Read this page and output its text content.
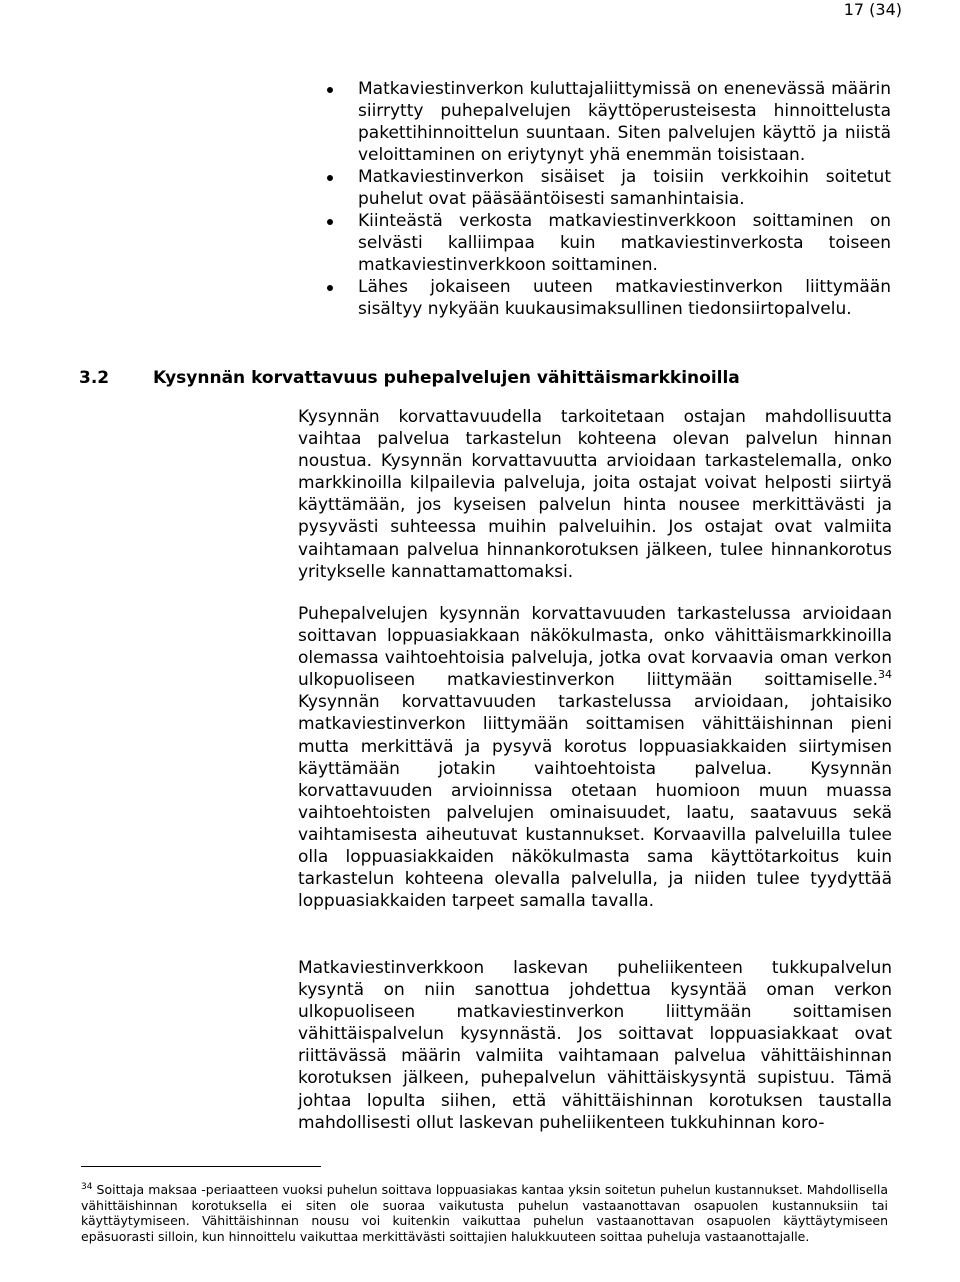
17 (34)
Matkaviestinverkon kuluttajaliittymissä on enenevässä määrin siirrytty puhepalvelujen käyttöperusteisesta hinnoittelusta pakettihinnoittelun suuntaan. Siten palvelujen käyttö ja niistä veloittaminen on eriytynyt yhä enemmän toisistaan.
Matkaviestinverkon sisäiset ja toisiin verkkoihin soitetut puhelut ovat pääsääntöisesti samanhintaisia.
Kiinteästä verkosta matkaviestinverkkoon soittaminen on selvästi kalliimpaa kuin matkaviestinverkosta toiseen matkaviestinverkkoon soittaminen.
Lähes jokaiseen uuteen matkaviestinverkon liittymään sisältyy nykyään kuukausimaksullinen tiedonsiirtopalvelu.
3.2	Kysynnän korvattavuus puhepalvelujen vähittäismarkkinoilla

Kysynnän korvattavuudella tarkoitetaan ostajan mahdollisuutta vaihtaa palvelua tarkastelun kohteena olevan palvelun hinnan noustua. Kysynnän korvattavuutta arvioidaan tarkastelemalla, onko markkinoilla kilpailevia palveluja, joita ostajat voivat helposti siirtyä käyttämään, jos kyseisen palvelun hinta nousee merkittävästi ja pysyvästi suhteessa muihin palveluihin. Jos ostajat ovat valmiita vaihtamaan palvelua hinnankorotuksen jälkeen, tulee hinnankorotus yritykselle kannattamattomaksi.

Puhepalvelujen kysynnän korvattavuuden tarkastelussa arvioidaan soittavan loppuasiakkaan näkökulmasta, onko vähittäismarkkinoilla olemassa vaihtoehtoisia palveluja, jotka ovat korvaavia oman verkon ulkopuoliseen matkaviestinverkon liittymään soittamiselle.$^{34}$ Kysynnän korvattavuuden tarkastelussa arvioidaan, johtaisiko matkaviestinverkon liittymään soittamisen vähittäishinnan pieni mutta merkittävä ja pysyvä korotus loppuasiakkaiden siirtymisen käyttämään jotakin vaihtoehtoista palvelua. Kysynnän korvattavuuden arvioinnissa otetaan huomioon muun muassa vaihtoehtoisten palvelujen ominaisuudet, laatu, saatavuus sekä vaihtamisesta aiheutuvat kustannukset. Korvaavilla palveluilla tulee olla loppuasiakkaiden näkökulmasta sama käyttötarkoitus kuin tarkastelun kohteena olevalla palvelulla, ja niiden tulee tyydyttää loppuasiakkaiden tarpeet samalla tavalla.

Matkaviestinverkkoon laskevan puheliikenteen tukkupalvelun kysyntä on niin sanottua johdettua kysyntää oman verkon ulkopuoliseen matkaviestinverkon liittymään soittamisen vähittäispalvelun kysynnästä. Jos soittavat loppuasiakkaat ovat riittävässä määrin valmiita vaihtamaan palvelua vähittäishinnan korotuksen jälkeen, puhepalvelun vähittäiskysyntä supistuu. Tämä johtaa lopulta siihen, että vähittäishinnan korotuksen taustalla mahdollisesti ollut laskevan puheliikenteen tukkuhinnan koro-

$^{34}$ Soittaja maksaa -periaatteen vuoksi puhelun soittava loppuasiakas kantaa yksin soitetun puhelun kustannukset. Mahdollisella vähittäishinnan korotuksella ei siten ole suoraa vaikutusta puhelun vastaanottavan osapuolen kustannuksiin tai käyttäytymiseen. Vähittäishinnan nousu voi kuitenkin vaikuttaa puhelun vastaanottavan osapuolen käyttäytymiseen epäsuorasti silloin, kun hinnoittelu vaikuttaa merkittävästi soittajien halukkuuteen soittaa puheluja vastaanottajalle.
